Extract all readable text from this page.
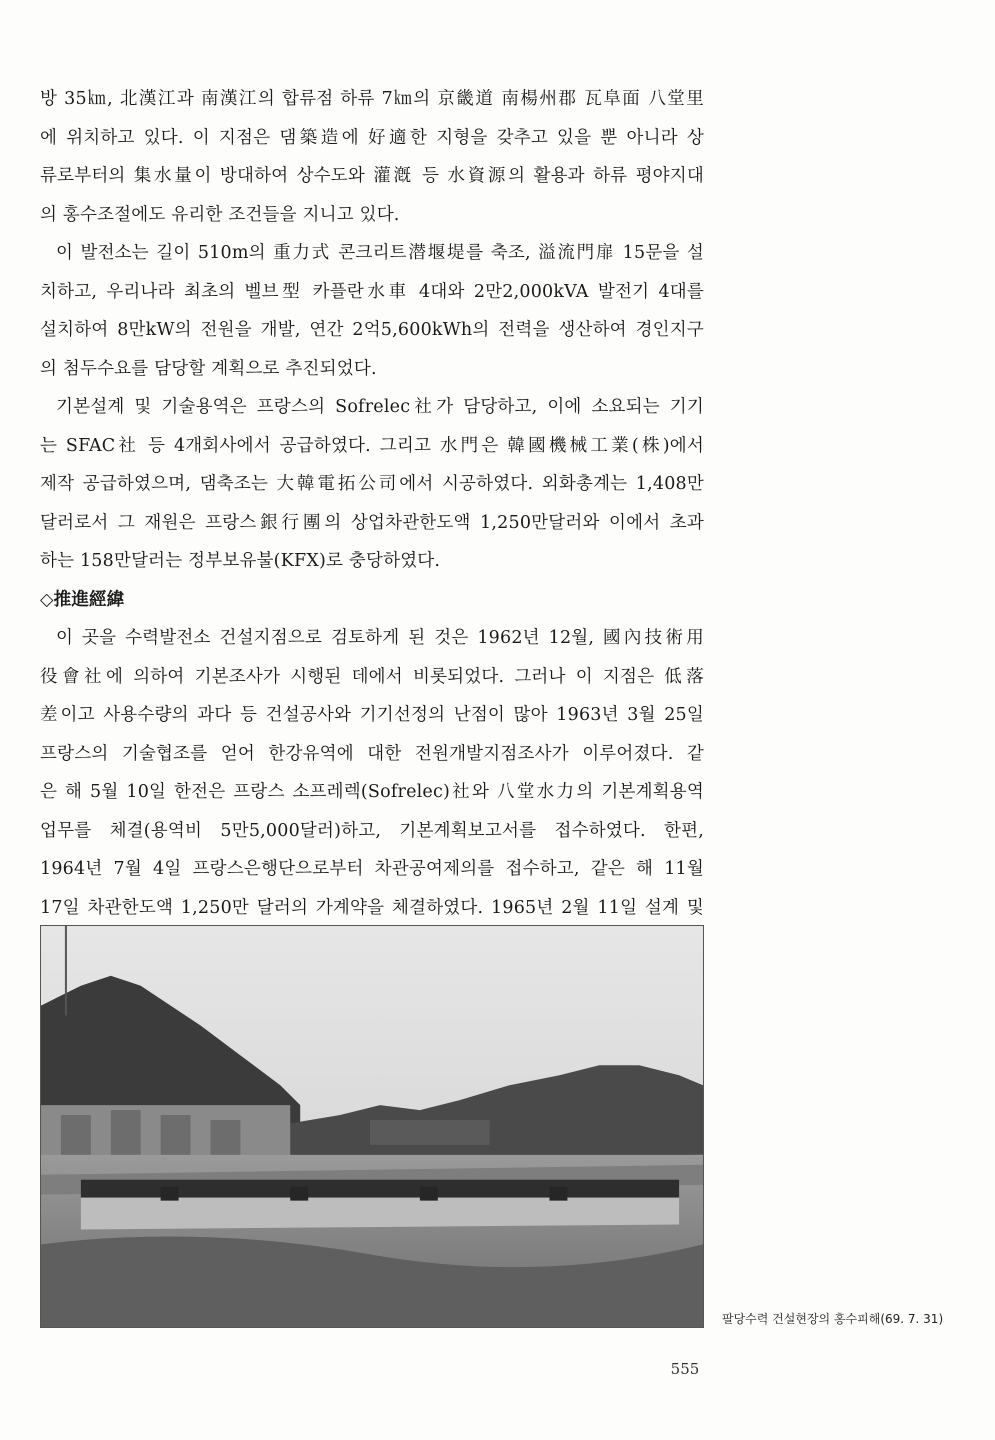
방 35㎞, 北漢江과 南漢江의 합류점 하류 7㎞의 京畿道 南楊州郡 瓦阜面 八堂里
에 위치하고 있다. 이 지점은 댐築造에 好適한 지형을 갖추고 있을 뿐 아니라 상
류로부터의 集水量이 방대하여 상수도와 灌漑 등 水資源의 활용과 하류 평야지대
의 홍수조절에도 유리한 조건들을 지니고 있다.
이 발전소는 길이 510m의 重力式 콘크리트潜堰堤를 축조, 溢流門扉 15문을 설
치하고, 우리나라 최초의 벨브型 카플란水車 4대와 2만2,000kVA 발전기 4대를
설치하여 8만kW의 전원을 개발, 연간 2억5,600kWh의 전력을 생산하여 경인지구
의 첨두수요를 담당할 계획으로 추진되었다.
기본설계 및 기술용역은 프랑스의 Sofrelec社가 담당하고, 이에 소요되는 기기
는 SFAC社 등 4개회사에서 공급하였다. 그리고 水門은 韓國機械工業(株)에서
제작 공급하였으며, 댐축조는 大韓電拓公司에서 시공하였다. 외화총계는 1,408만
달러로서 그 재원은 프랑스銀行團의 상업차관한도액 1,250만달러와 이에서 초과
하는 158만달러는 정부보유불(KFX)로 충당하였다.
◇推進經緯
이 곳을 수력발전소 건설지점으로 검토하게 된 것은 1962년 12월, 國內技術用
役會社에 의하여 기본조사가 시행된 데에서 비롯되었다. 그러나 이 지점은 低落
差이고 사용수량의 과다 등 건설공사와 기기선정의 난점이 많아 1963년 3월 25일
프랑스의 기술협조를 얻어 한강유역에 대한 전원개발지점조사가 이루어졌다. 같
은 해 5월 10일 한전은 프랑스 소프레렉(Sofrelec)社와 八堂水力의 기본계획용역
업무를 체결(용역비 5만5,000달러)하고, 기본계획보고서를 접수하였다. 한편,
1964년 7월 4일 프랑스은행단으로부터 차관공여제의를 접수하고, 같은 해 11월
17일 차관한도액 1,250만 달러의 가계약을 체결하였다. 1965년 2월 11일 설계 및
팔당수력 건설현장의 홍수피해(69. 7. 31)
555
